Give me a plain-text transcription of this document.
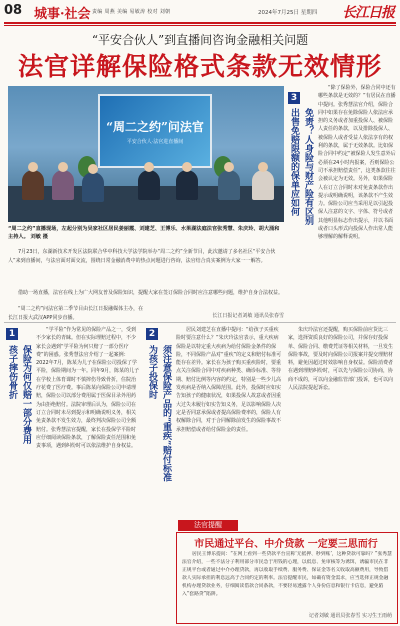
08 城事·社会 责编 周燕 美编 易敏涛 校对 刘朝	2024年7月25日 星期四 长江日报
“平安合伙人”到直播间咨询金融相关问题
法官详解保险格式条款无效情形
“周二之约”问法官
平安合伙人·法官进直播间
“周二之约”直播现场，左起分别为吴家社区居民姜丽霞、刘建芝、王博乐、水果湖法庭法官张秀慧、朱庆玲、胡大涌和主持人。 刘敏 摄
7月23日，东湖新技术开发区法院联合华中科技大学法学院举办“周二之约”全新节目，此次邀请了多名社区“平安合伙人”来到直播间，与法官面对面交流，围绕日常金融消费中的热点问题进行咨询，法官结合真实案例为大家一一解答。
借助一场直播，法官在线上为广大网友普及保险知识，提醒大家在签订保险合同时应注意哪些问题，维护自身合法权益。
“周二之约”问法官第二季节目由长江日报融媒体主办，在长江日报大武汉APP同步直播。	长江日报记者刘敏 通讯员张春雪
3
出售免赔限额的保单应如何 免责？人身险与财产险有区别
“除了保险外，保险合同中还有哪些条款是无效的？”有居民在直播中提问。张秀慧法官介绍，保险合同中如果存在免除保险人依法应承担的义务或者加重投保人、被保险人责任的条款，以及排除投保人、被保险人或者受益人依法享有的权利的条款，属于无效条款。比如保险合同中约定“被保险人发生意外后必须在24小时内报案，否则保险公司不承担赔偿责任”，这类条款往往会被认定为无效。另外，如果保险人在订立合同时未对免责条款作出提示或明确说明，该条款不产生效力。保险公司应当采用足以引起投保人注意的文字、字体、符号或者其他明显标志作出提示，并以书面或者口头形式向投保人作出常人能够理解的解释说明。
1
孩子摔伤骨折 保险为何仅赔一部分费用
“学平险”作为常见的保险产品之一，受到不少家长的青睐。但在实际理赔过程中，不少家长会遇到“学平险为何只赔了一部分医疗费”的困惑。张秀慧法官介绍了一起案例：2022年7月，陈某为儿子在保险公司投保了学平险，保险期间为一年。同年9月，陈某的儿子在学校上体育课时不慎摔伤导致骨折，住院治疗花费了医疗费。事后陈某向保险公司申请理赔，保险公司以部分费用属于医保目录外用药为由拒绝赔付。法院审理后认为，保险公司在订立合同时未尽到提示和明确说明义务，相关免责条款不发生效力，最终判决保险公司全额赔付。张秀慧法官提醒，家长在投保学平险时应仔细阅读保险条款，了解保险责任范围和免责事项，遇到纠纷时可以依法维护自身权益。
2
为孩子投保时 须注意保险产品的“重疾”赔付标准
居民刘建芝在直播中提问：“给孩子买重疾险时要注意什么？”朱庆玲法官表示，重大疾病保险是以特定重大疾病为给付保险金条件的保险，不同保险产品对“重疾”的定义和赔付标准可能存在差异。家长在为孩子购买重疾险时，要重点关注保险合同中对疾病种类、确诊标准、等待期、赔付比例等内容的约定，特别是一些少儿高发疾病是否纳入保障范围。此外，投保时应如实告知孩子的健康状况，如果投保人故意或者因重大过失未履行如实告知义务，足以影响保险人决定是否同意承保或者提高保险费率的，保险人有权解除合同，对于合同解除前发生的保险事故不承担赔偿或者给付保险金的责任。
朱庆玲法官还提醒，购买保险前应货比三家，选择资质良好的保险公司，并保存好投保单、保险合同、缴费凭证等相关材料，一旦发生保险事故，要及时向保险公司报案并提交理赔材料，避免因超过时效影响自身权益。保险消费者在遇到理赔纠纷时，可以先与保险公司协商，协商不成的，可以向金融监管部门投诉，也可以向人民法院提起诉讼。
法官提醒
市民通过平台、中介贷款 一定要三思而行
居民王博乐提问：“在网上看到一些贷款平台宣称‘无抵押、秒到账’，这种贷款可靠吗？”张秀慧法官介绍，一些不法分子利用部分市民急于用钱的心理，以低息、免审核等为诱饵，诱骗市民在非正规平台或者通过中介办理贷款，再以收取手续费、服务费、保证金等名义收取高额费用，导致借款人实际承担的利息远高于合同约定的利率。法官提醒市民，如确有资金需求，应当选择正规金融机构办理贷款业务，仔细阅读借款合同条款，不要轻易透露个人身份信息和银行卡信息，避免陷入“套路贷”陷阱。
记者刘敏 通讯员张春雪 实习生王雨萌
